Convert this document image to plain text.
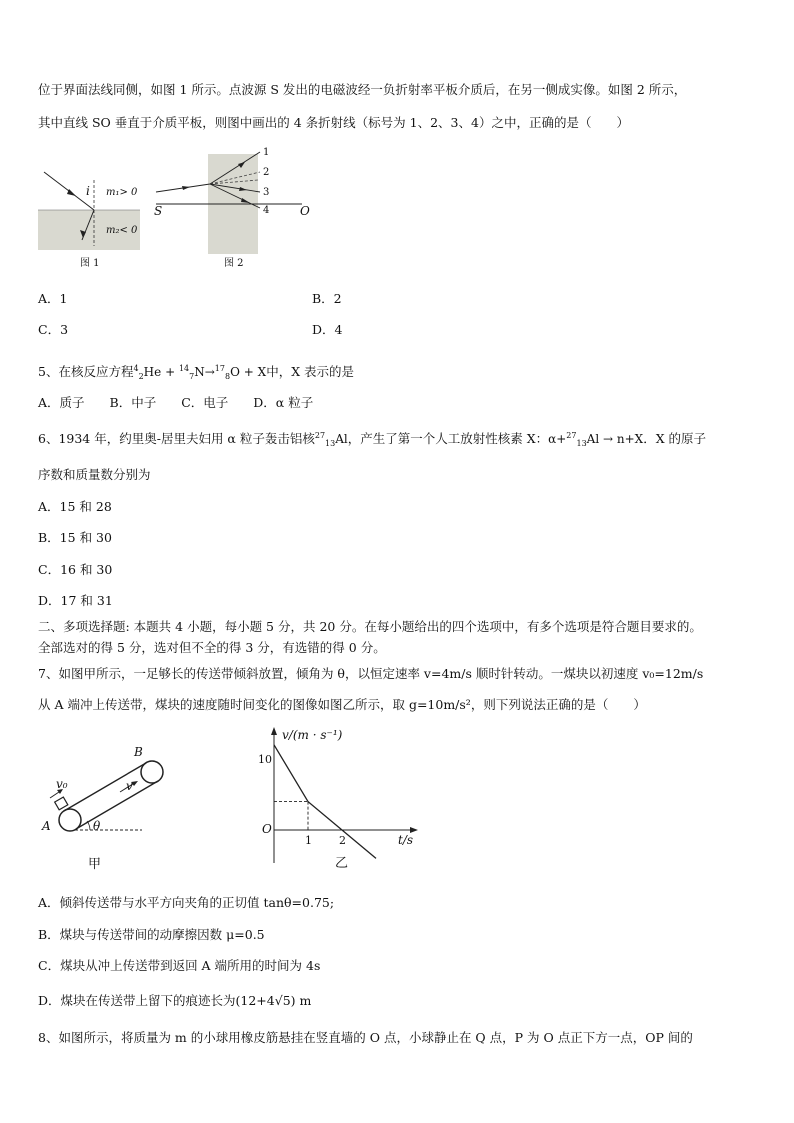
位于界面法线同侧，如图 1 所示。点波源 S 发出的电磁波经一负折射率平板介质后，在另一侧成实像。如图 2 所示，
其中直线 SO 垂直于介质平板，则图中画出的 4 条折射线（标号为 1、2、3、4）之中，正确的是（　　）
i m₁> 0
m₂< 0
图 1
S	O
1
2
3
4
图 2
A．1	B．2
C．3	D．4
5、在核反应方程$^4_2$He + $^{14}_7$N→$^{17}_8$O + X中，X 表示的是
A．质子　　B．中子　　C．电子　　D．α 粒子
6、1934 年，约里奥-居里夫妇用 α 粒子轰击铝核$^{27}_{13}$Al，产生了第一个人工放射性核素 X：α+$^{27}_{13}$Al → n+X．X 的原子
序数和质量数分别为
A．15 和 28
B．15 和 30
C．16 和 30
D．17 和 31
二、多项选择题: 本题共 4 小题，每小题 5 分，共 20 分。在每小题给出的四个选项中，有多个选项是符合题目要求的。
全部选对的得 5 分，选对但不全的得 3 分，有选错的得 0 分。
7、如图甲所示，一足够长的传送带倾斜放置，倾角为 θ，以恒定速率 v=4m/s 顺时针转动。一煤块以初速度 v₀=12m/s
从 A 端冲上传送带，煤块的速度随时间变化的图像如图乙所示，取 g=10m/s²，则下列说法正确的是（　　）
v₀	v
A
B
θ
甲
10
1 2
v/(m · s⁻¹)
t/s
O
乙
A．倾斜传送带与水平方向夹角的正切值 tanθ=0.75;
B．煤块与传送带间的动摩擦因数 μ=0.5
C．煤块从冲上传送带到返回 A 端所用的时间为 4s
D．煤块在传送带上留下的痕迹长为(12+4√5) m
8、如图所示，将质量为 m 的小球用橡皮筋悬挂在竖直墙的 O 点，小球静止在 Q 点，P 为 O 点正下方一点，OP 间的
